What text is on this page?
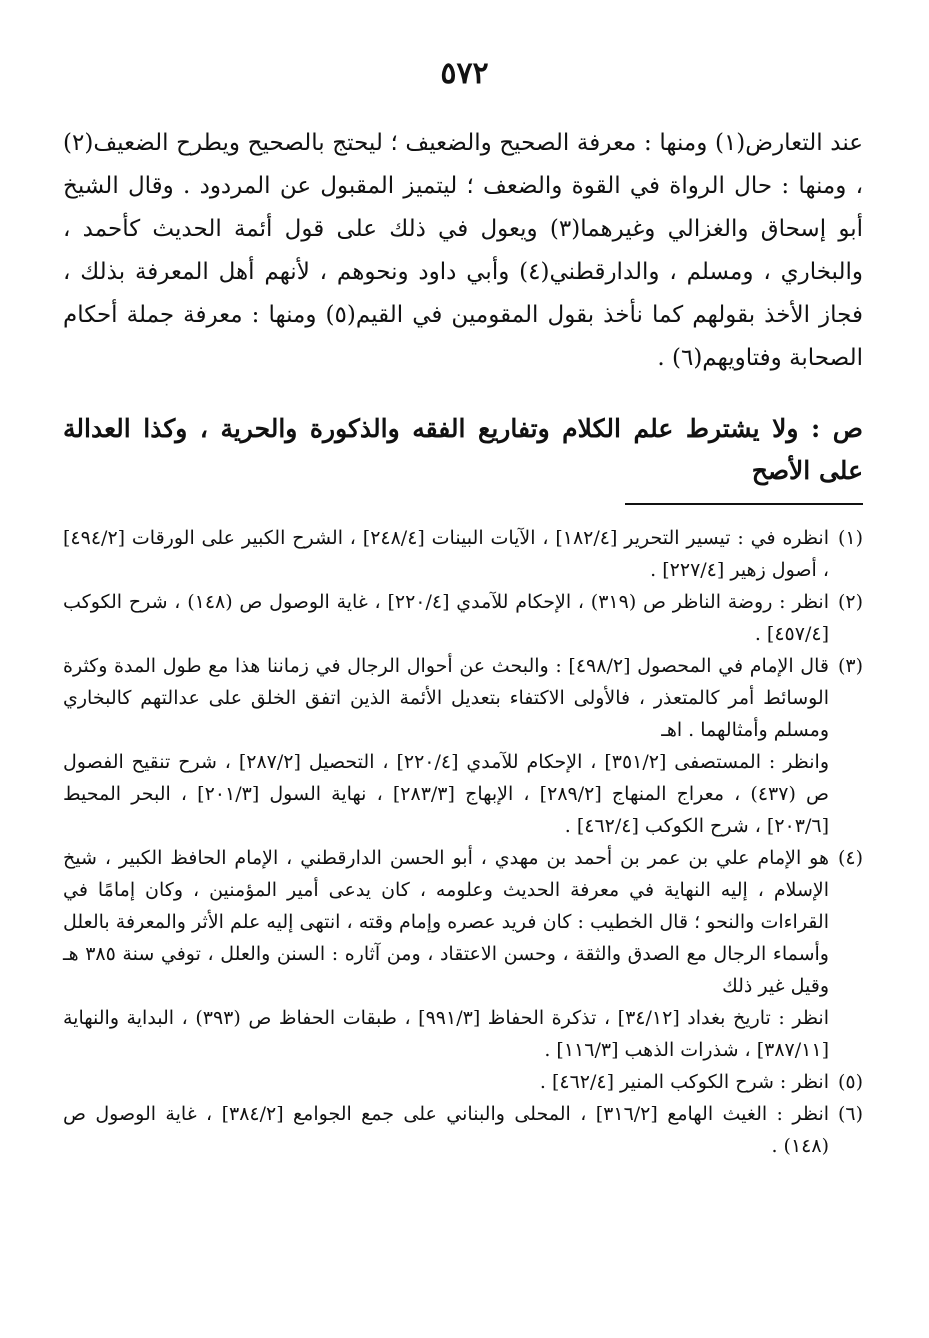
٥٧٢

عند التعارض(١) ومنها : معرفة الصحيح والضعيف ؛ ليحتج بالصحيح ويطرح الضعيف(٢) ، ومنها : حال الرواة في القوة والضعف ؛ ليتميز المقبول عن المردود . وقال الشيخ أبو إسحاق والغزالي وغيرهما(٣) ويعول في ذلك على قول أئمة الحديث كأحمد ، والبخاري ، ومسلم ، والدارقطني(٤) وأبي داود ونحوهم ، لأنهم أهل المعرفة بذلك ، فجاز الأخذ بقولهم كما نأخذ بقول المقومين في القيم(٥) ومنها : معرفة جملة أحكام الصحابة وفتاويهم(٦) .

ص : ولا يشترط علم الكلام وتفاريع الفقه والذكورة والحرية ، وكذا العدالة على الأصح

(١)

انظره في : تيسير التحرير [١٨٢/٤] ، الآيات البينات [٢٤٨/٤] ، الشرح الكبير على الورقات [٤٩٤/٢] ، أصول زهير [٢٢٧/٤] .

(٢)

انظر : روضة الناظر ص (٣١٩) ، الإحكام للآمدي [٢٢٠/٤] ، غاية الوصول ص (١٤٨) ، شرح الكوكب [٤٥٧/٤] .

(٣)

قال الإمام في المحصول [٤٩٨/٢] : والبحث عن أحوال الرجال في زماننا هذا مع طول المدة وكثرة الوسائط أمر كالمتعذر ، فالأولى الاكتفاء بتعديل الأئمة الذين اتفق الخلق على عدالتهم كالبخاري ومسلم وأمثالهما . اهـ

وانظر : المستصفى [٣٥١/٢] ، الإحكام للآمدي [٢٢٠/٤] ، التحصيل [٢٨٧/٢] ، شرح تنقيح الفصول ص (٤٣٧) ، معراج المنهاج [٢٨٩/٢] ، الإبهاج [٢٨٣/٣] ، نهاية السول [٢٠١/٣] ، البحر المحيط [٢٠٣/٦] ، شرح الكوكب [٤٦٢/٤] .

(٤)

هو الإمام علي بن عمر بن أحمد بن مهدي ، أبو الحسن الدارقطني ، الإمام الحافظ الكبير ، شيخ الإسلام ، إليه النهاية في معرفة الحديث وعلومه ، كان يدعى أمير المؤمنين ، وكان إمامًا في القراءات والنحو ؛ قال الخطيب : كان فريد عصره وإمام وقته ، انتهى إليه علم الأثر والمعرفة بالعلل وأسماء الرجال مع الصدق والثقة ، وحسن الاعتقاد ، ومن آثاره : السنن والعلل ، توفي سنة ٣٨٥ هـ وقيل غير ذلك

انظر : تاريخ بغداد [٣٤/١٢] ، تذكرة الحفاظ [٩٩١/٣] ، طبقات الحفاظ ص (٣٩٣) ، البداية والنهاية [٣٨٧/١١] ، شذرات الذهب [١١٦/٣] .

(٥)

انظر : شرح الكوكب المنير [٤٦٢/٤] .

(٦)

انظر : الغيث الهامع [٣١٦/٢] ، المحلى والبناني على جمع الجوامع [٣٨٤/٢] ، غاية الوصول ص (١٤٨) .
